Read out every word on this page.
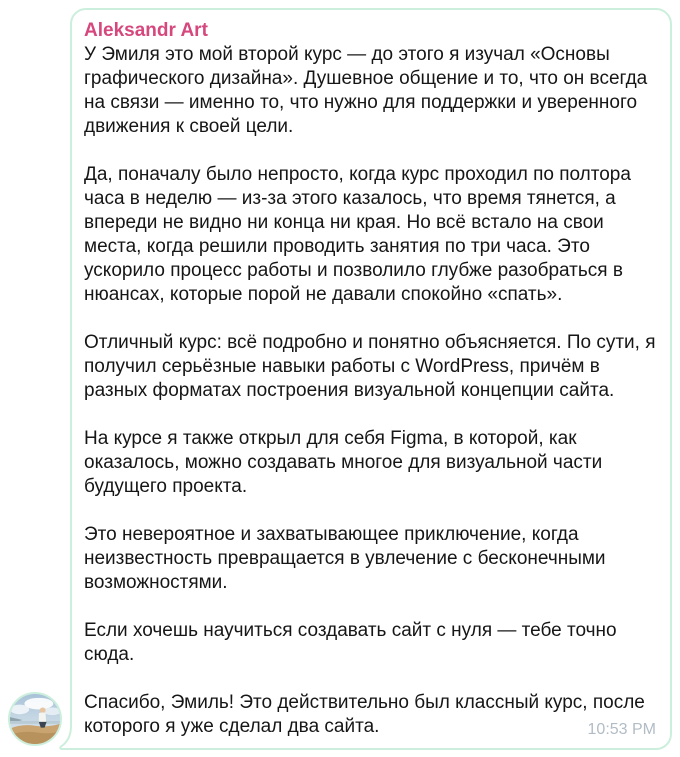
Aleksandr Art

У Эмиля это мой второй курс — до этого я изучал «Основы графического дизайна». Душевное общение и то, что он всегда на связи — именно то, что нужно для поддержки и уверенного движения к своей цели.

Да, поначалу было непросто, когда курс проходил по полтора часа в неделю — из-за этого казалось, что время тянется, а впереди не видно ни конца ни края. Но всё встало на свои места, когда решили проводить занятия по три часа. Это ускорило процесс работы и позволило глубже разобраться в нюансах, которые порой не давали спокойно «спать».

Отличный курс: всё подробно и понятно объясняется. По сути, я получил серьёзные навыки работы с WordPress, причём в разных форматах построения визуальной концепции сайта.

На курсе я также открыл для себя Figma, в которой, как оказалось, можно создавать многое для визуальной части будущего проекта.

Это невероятное и захватывающее приключение, когда неизвестность превращается в увлечение с бесконечными возможностями.

Если хочешь научиться создавать сайт с нуля — тебе точно сюда.

Спасибо, Эмиль! Это действительно был классный курс, после которого я уже сделал два сайта.	10:53 PM
